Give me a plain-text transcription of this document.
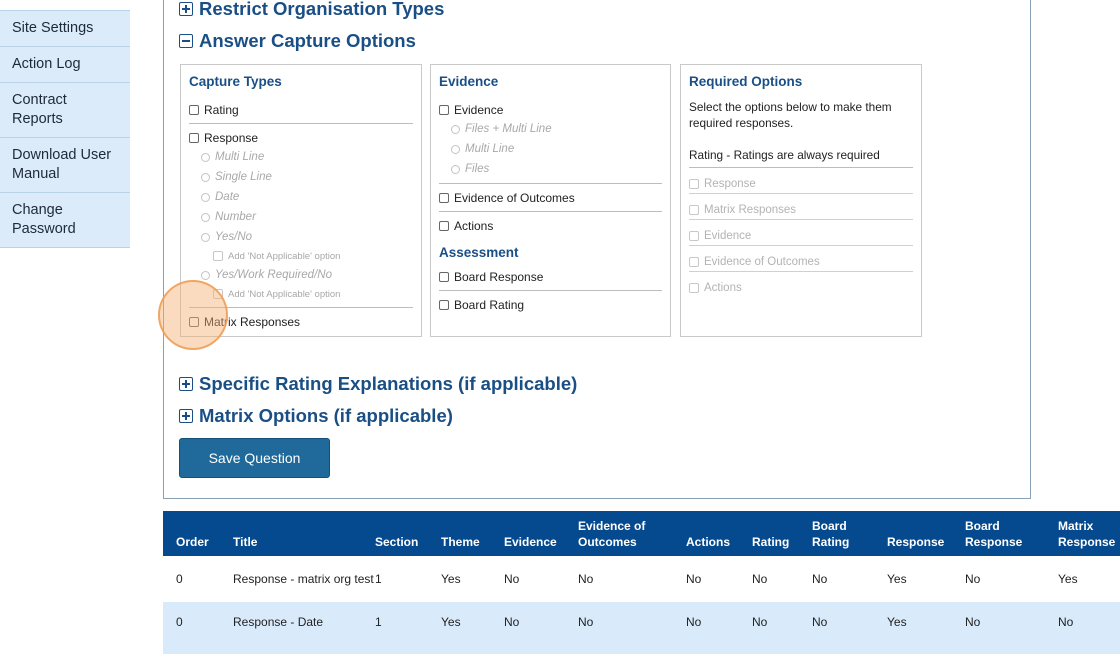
Site Settings
Action Log
Contract Reports
Download User Manual
Change Password
Restrict Organisation Types
Answer Capture Options
Capture Types
Rating
Response
Multi Line
Single Line
Date
Number
Yes/No
Add 'Not Applicable' option
Yes/Work Required/No
Add 'Not Applicable' option
Matrix Responses
Evidence
Evidence
Files + Multi Line
Multi Line
Files
Evidence of Outcomes
Actions
Assessment
Board Response
Board Rating
Required Options
Select the options below to make them required responses.
Rating - Ratings are always required
Response
Matrix Responses
Evidence
Evidence of Outcomes
Actions
Specific Rating Explanations (if applicable)
Matrix Options (if applicable)
Save Question
Order	Title	Section	Theme	Evidence	Evidence of Outcomes	Actions	Rating	Board Rating	Response	Board Response	Matrix Response
0	Response - matrix org test	1	Yes	No	No	No	No	No	Yes	No	Yes
0	Response - Date	1	Yes	No	No	No	No	No	Yes	No	No
